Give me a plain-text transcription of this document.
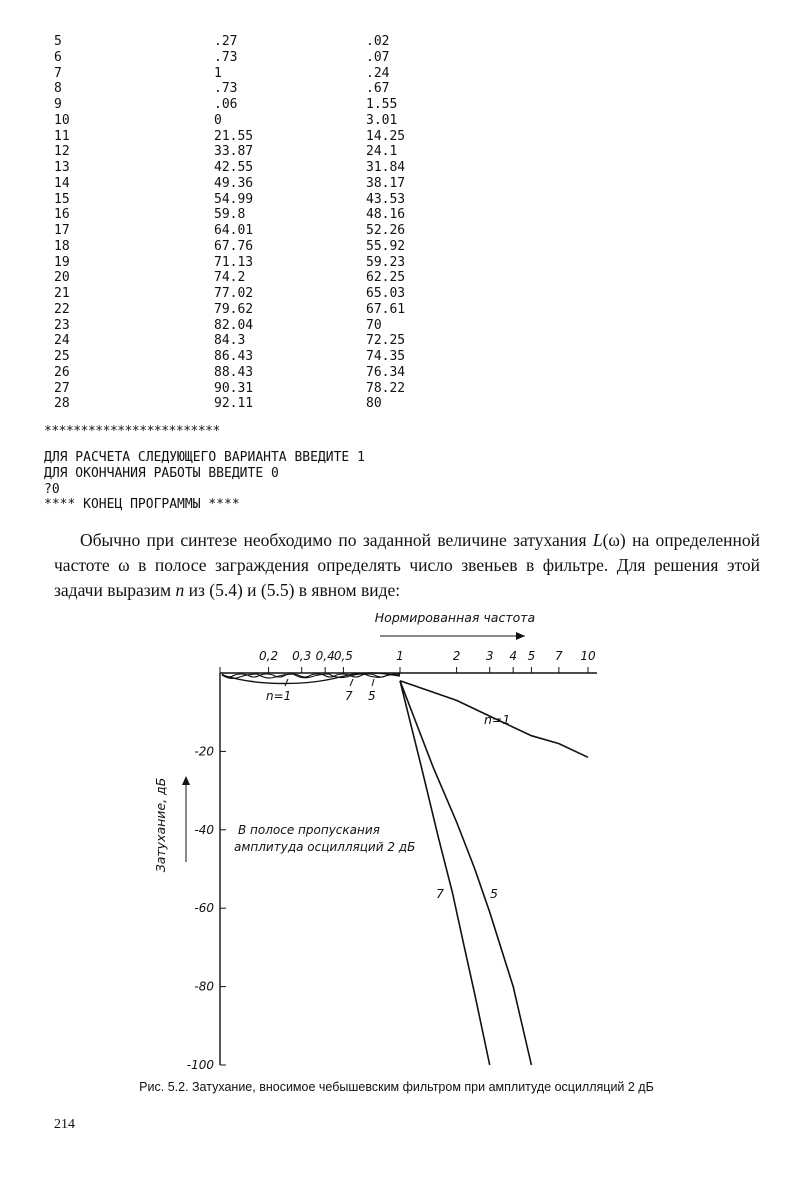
5	.27	.02
6	.73	.07
7	1	.24
8	.73	.67
9	.06	1.55
10	0	3.01
11	21.55	14.25
12	33.87	24.1
13	42.55	31.84
14	49.36	38.17
15	54.99	43.53
16	59.8	48.16
17	64.01	52.26
18	67.76	55.92
19	71.13	59.23
20	74.2	62.25
21	77.02	65.03
22	79.62	67.61
23	82.04	70
24	84.3	72.25
25	86.43	74.35
26	88.43	76.34
27	90.31	78.22
28	92.11	80
************************
ДЛЯ РАСЧЕТА СЛЕДУЮЩЕГО ВАРИАНТА ВВЕДИТЕ 1
ДЛЯ ОКОНЧАНИЯ РАБОТЫ ВВЕДИТЕ 0
?0
**** КОНЕЦ ПРОГРАММЫ ****
Обычно при синтезе необходимо по заданной величине затухания L(ω) на определенной частоте ω в полосе заграждения определять число звеньев в фильтре. Для решения этой задачи выразим n из (5.4) и (5.5) в явном виде:
0,2 0,3 0,4 0,5	1	2 3 4 5 7 10
-20
-40
-60
-80
-100
Нормированная частота
Затухание, дБ	В полосе пропускания
амплитуда осцилляций 2 дБ
n=1	7 5
n=1
5
7
Рис. 5.2. Затухание, вносимое чебышевским фильтром при амплитуде осцилляций 2 дБ
214
